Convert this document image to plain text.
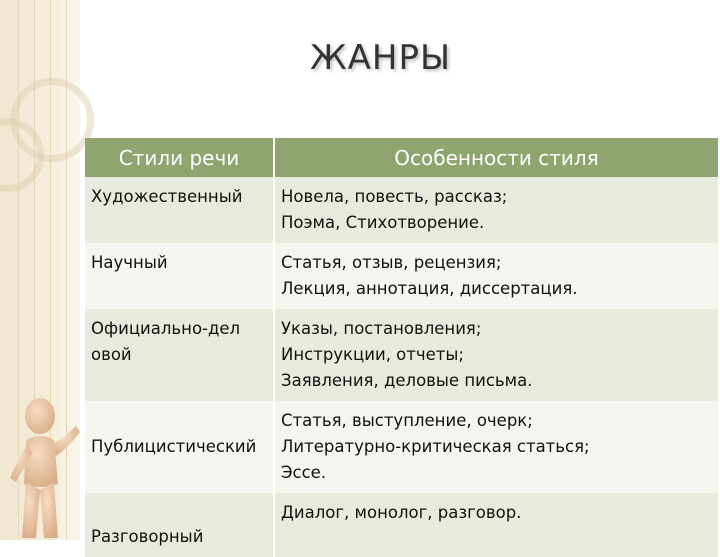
ЖАНРЫ
Стили речи	Особенности стиля
Художественный	Новела, повесть, рассказ;
Поэма, Стихотворение.

Научный	Статья, отзыв, рецензия;
Лекция, аннотация, диссертация.

Официально-деловой	Указы, постановления;
Инструкции, отчеты;
Заявления, деловые письма.

Публицистический	Статья, выступление, очерк;
Литературно-критическая статься;
Эссе.

Разговорный	Диалог, монолог, разговор.
